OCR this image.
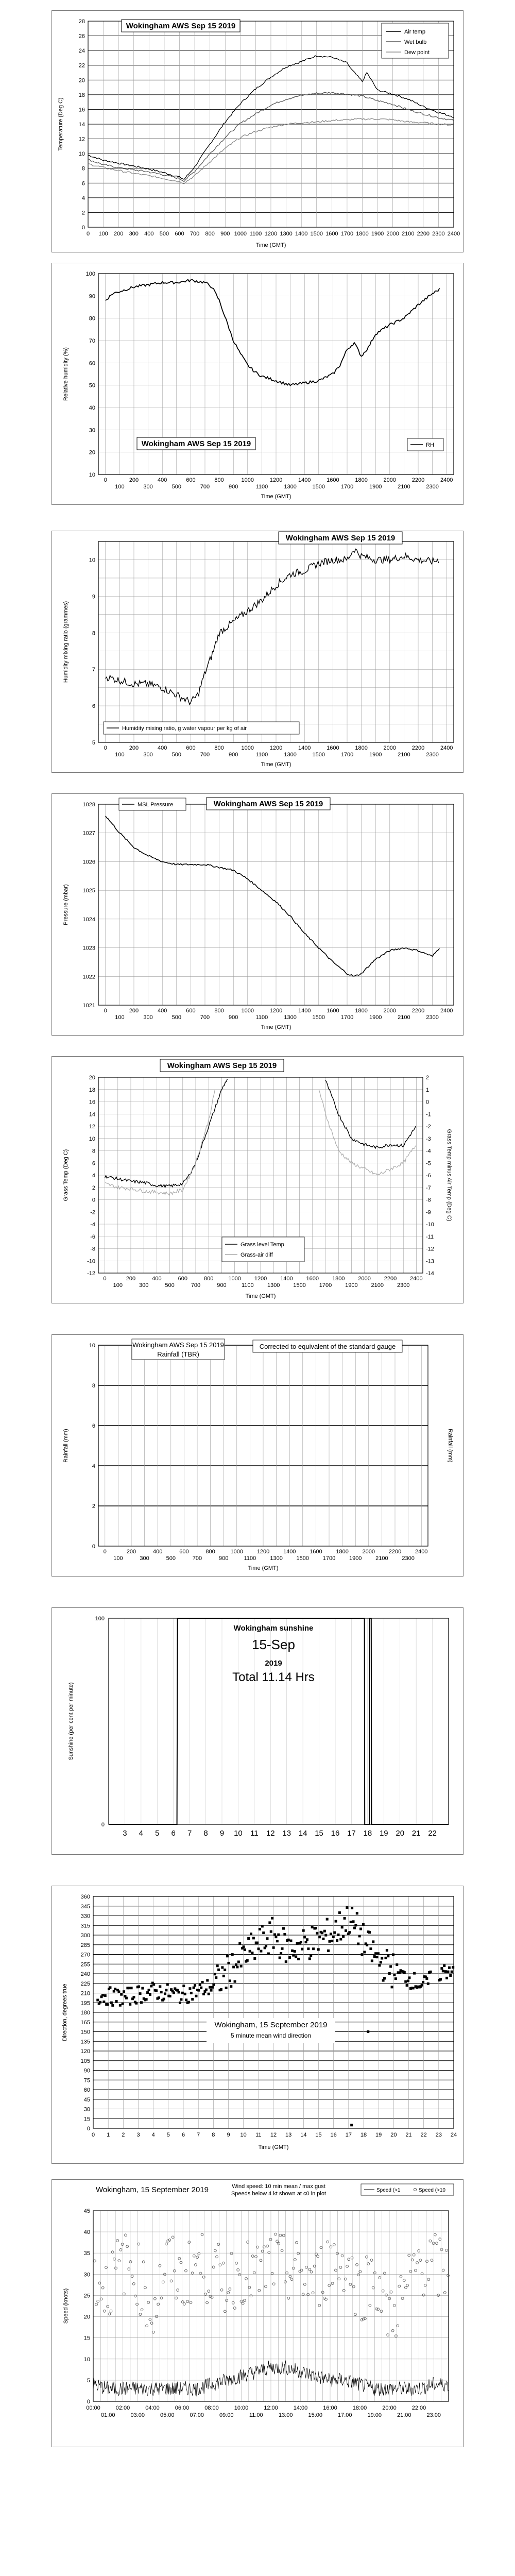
0
2
4
6
8
10
12
14
16
18
20
22
24
26
28
0 100 200 300 400 500 600 700 800 900 1000 1100 1200 1300 1400 1500 1600 1700 1800 1900 2000 2100 2200 2300 2400
Wokingham AWS Sep 15 2019
Air temp
Wet bulb
Dew point
Temperature (Deg C)
Time (GMT)
10
20
30
40
50
60
70
80
90
100
0	200	400	600	800	1000	1200	1400	1600	1800	2000	2200	2400
100	300	500	700	900	1100	1300	1500	1700	1900	2100	2300
Wokingham AWS Sep 15 2019	RH
Relative humidity (%)
Time (GMT)
5
6
7
8
9
10
0	200	400	600	800	1000	1200	1400	1600	1800	2000	2200	2400
100	300	500	700	900	1100	1300	1500	1700	1900	2100	2300
Wokingham AWS Sep 15 2019
Humidity mixing ratio, g water vapour per kg of air
Humidity mixing ratio (grammes)
Time (GMT)
1021
1022
1023
1024
1025
1026
1027
1028
0	200	400	600	800	1000	1200	1400	1600	1800	2000	2200	2400
100	300	500	700	900	1100	1300	1500	1700	1900	2100	2300
MSL Pressure	Wokingham AWS Sep 15 2019
Pressure (mbar)
Time (GMT)
-12
-10
-8
-6
-4
-2
0
2
4
6
8
10
12
14
16
18
20	2
1
0
-1
-2
-3
-4
-5
-6
-7
-8
-9
-10
-11
-12
-13
-14
0	200	400	600	800	1000 1200 1400 1600 1800 2000 2200 2400
100	300	500	700	900	1100 1300 1500 1700 1900 2100 2300
Wokingham AWS Sep 15 2019
Grass level Temp
Grass-air diff
Grass Temp (Deg C)	Grass Temp minus Air Temp (Deg C)
Time (GMT)
0
2
4
6
8
10
0	200	400	600	800	1000 1200 1400 1600 1800 2000 2200 2400
100	300	500	700	900	1100 1300 1500 1700 1900 2100 2300
Wokingham AWS Sep 15 2019
Rainfall (TBR)
Corrected to equivalent of the standard gauge
Rainfall (mm)	Rainfall (mm)
Time (GMT)
0
100
3 4 5 6 7 8 9 10 11 12 13 14 15 16 17 18 19 20 21 22
Wokingham sunshine
15-Sep
2019
Total 11.14 Hrs
Sunshine (per cent per minute)
0
15
30
45
60
75
90
105
120
135
150
165
180
195
210
225
240
255
270
285
300
315
330
345
360
0 1 2 3 4 5 6 7 8 9 10 11 12 13 14 15 16 17 18 19 20 21 22 23 24
Wokingham, 15 September 2019
5 minute mean wind direction
Direction, degrees true
Time (GMT)
0
5
10
15
20
25
30
35
40
45
00:00	02:00	04:00	06:00	08:00	10:00	12:00	14:00	16:00	18:00	20:00	22:00
01:00	03:00	05:00	07:00	09:00	11:00	13:00	15:00	17:00	19:00	21:00	23:00
Wokingham, 15 September 2019	Wind speed: 10 min mean / max gust
Speeds below 4 kt shown at c0 in plot
Speed (>1	Speed (>10
Speed (knots)
